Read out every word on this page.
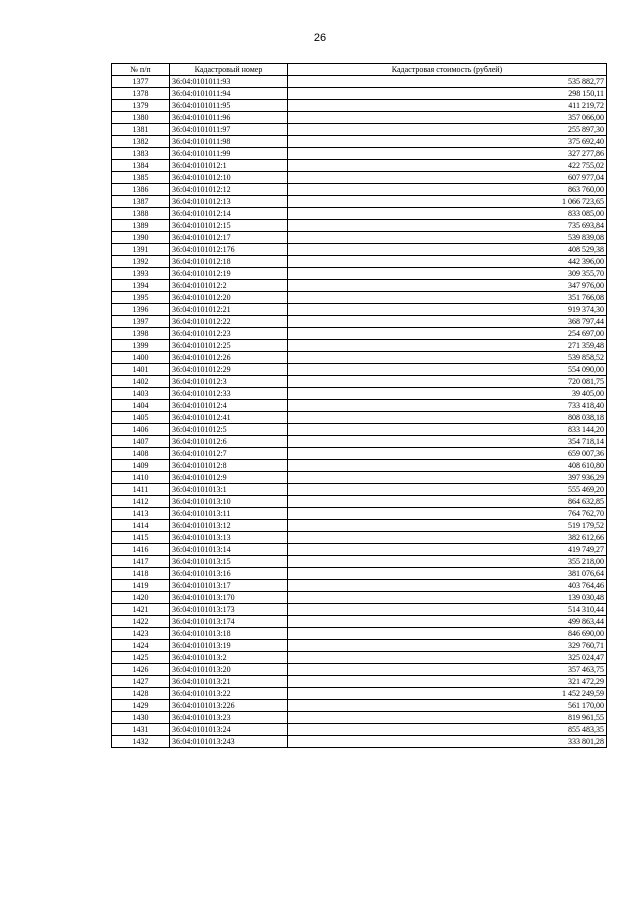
26
№ п/п	Кадастровый номер	Кадастровая стоимость (рублей)
1377	36:04:0101011:93	535 882,77
1378	36:04:0101011:94	298 150,11
1379	36:04:0101011:95	411 219,72
1380	36:04:0101011:96	357 066,00
1381	36:04:0101011:97	255 897,30
1382	36:04:0101011:98	375 692,40
1383	36:04:0101011:99	327 277,86
1384	36:04:0101012:1	422 755,02
1385	36:04:0101012:10	607 977,04
1386	36:04:0101012:12	863 760,00
1387	36:04:0101012:13	1 066 723,65
1388	36:04:0101012:14	833 085,00
1389	36:04:0101012:15	735 693,84
1390	36:04:0101012:17	539 839,08
1391	36:04:0101012:176	408 529,38
1392	36:04:0101012:18	442 396,00
1393	36:04:0101012:19	309 355,70
1394	36:04:0101012:2	347 976,00
1395	36:04:0101012:20	351 766,08
1396	36:04:0101012:21	919 374,30
1397	36:04:0101012:22	368 797,44
1398	36:04:0101012:23	254 697,00
1399	36:04:0101012:25	271 359,48
1400	36:04:0101012:26	539 858,52
1401	36:04:0101012:29	554 090,00
1402	36:04:0101012:3	720 081,75
1403	36:04:0101012:33	39 405,00
1404	36:04:0101012:4	733 418,40
1405	36:04:0101012:41	808 038,18
1406	36:04:0101012:5	833 144,20
1407	36:04:0101012:6	354 718,14
1408	36:04:0101012:7	659 007,36
1409	36:04:0101012:8	408 610,80
1410	36:04:0101012:9	397 936,29
1411	36:04:0101013:1	555 469,20
1412	36:04:0101013:10	864 632,85
1413	36:04:0101013:11	764 762,70
1414	36:04:0101013:12	519 179,52
1415	36:04:0101013:13	382 612,66
1416	36:04:0101013:14	419 749,27
1417	36:04:0101013:15	355 218,00
1418	36:04:0101013:16	381 076,64
1419	36:04:0101013:17	403 764,46
1420	36:04:0101013:170	139 030,48
1421	36:04:0101013:173	514 310,44
1422	36:04:0101013:174	499 863,44
1423	36:04:0101013:18	846 690,00
1424	36:04:0101013:19	329 760,71
1425	36:04:0101013:2	325 024,47
1426	36:04:0101013:20	357 463,75
1427	36:04:0101013:21	321 472,29
1428	36:04:0101013:22	1 452 249,59
1429	36:04:0101013:226	561 170,00
1430	36:04:0101013:23	819 961,55
1431	36:04:0101013:24	855 483,35
1432	36:04:0101013:243	333 801,28
